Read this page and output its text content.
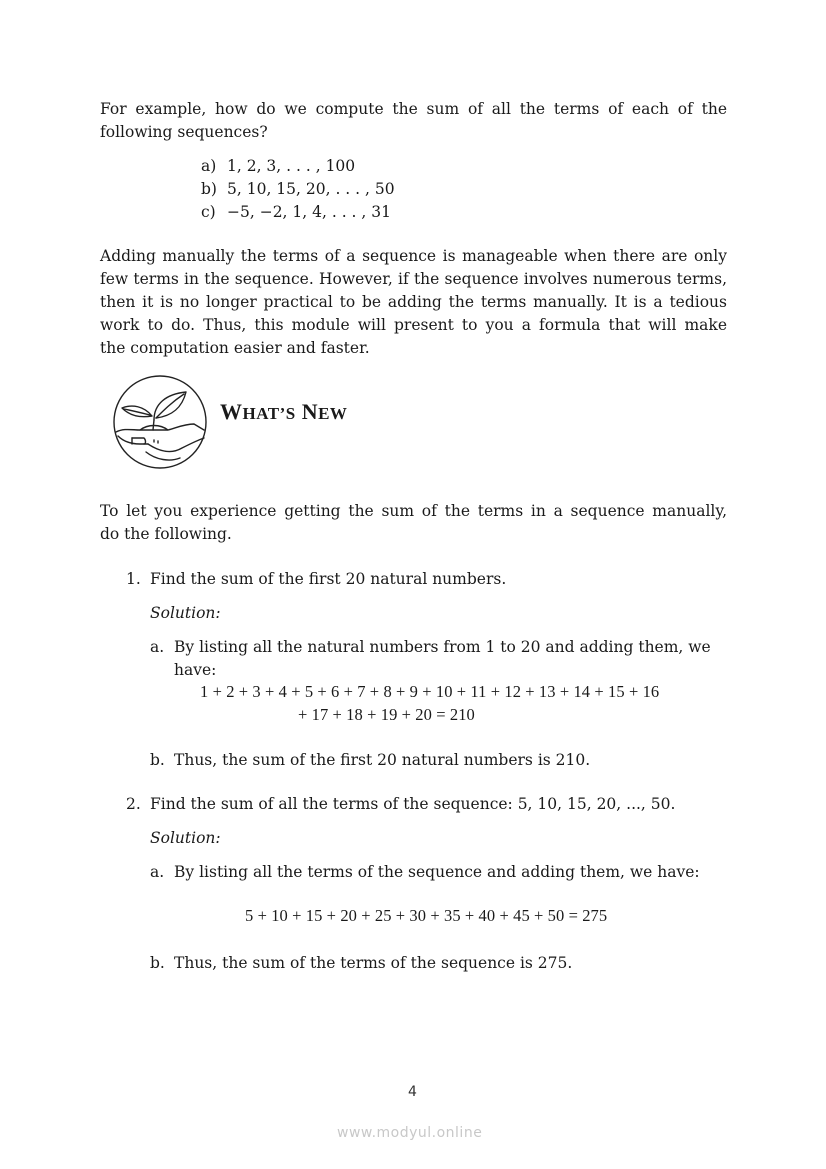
For example, how do we compute the sum of all the terms of each of the
following sequences?
a) 1, 2, 3, . . . , 100
b) 5, 10, 15, 20, . . . , 50
c) −5, −2, 1, 4, . . . , 31
Adding manually the terms of a sequence is manageable when there are only
few terms in the sequence. However, if the sequence involves numerous terms,
then it is no longer practical to be adding the terms manually. It is a tedious
work to do. Thus, this module will present to you a formula that will make
the computation easier and faster.
WHAT’S NEW
To let you experience getting the sum of the terms in a sequence manually,
do the following.
1. Find the sum of the first 20 natural numbers.
Solution:
a. By listing all the natural numbers from 1 to 20 and adding them, we
have:
1 + 2 + 3 + 4 + 5 + 6 + 7 + 8 + 9 + 10 + 11 + 12 + 13 + 14 + 15 + 16
+ 17 + 18 + 19 + 20 = 210
b. Thus, the sum of the first 20 natural numbers is 210.
2. Find the sum of all the terms of the sequence: 5, 10, 15, 20, ..., 50.
Solution:
a. By listing all the terms of the sequence and adding them, we have:
5 + 10 + 15 + 20 + 25 + 30 + 35 + 40 + 45 + 50 = 275
b. Thus, the sum of the terms of the sequence is 275.
4
www.modyul.online
